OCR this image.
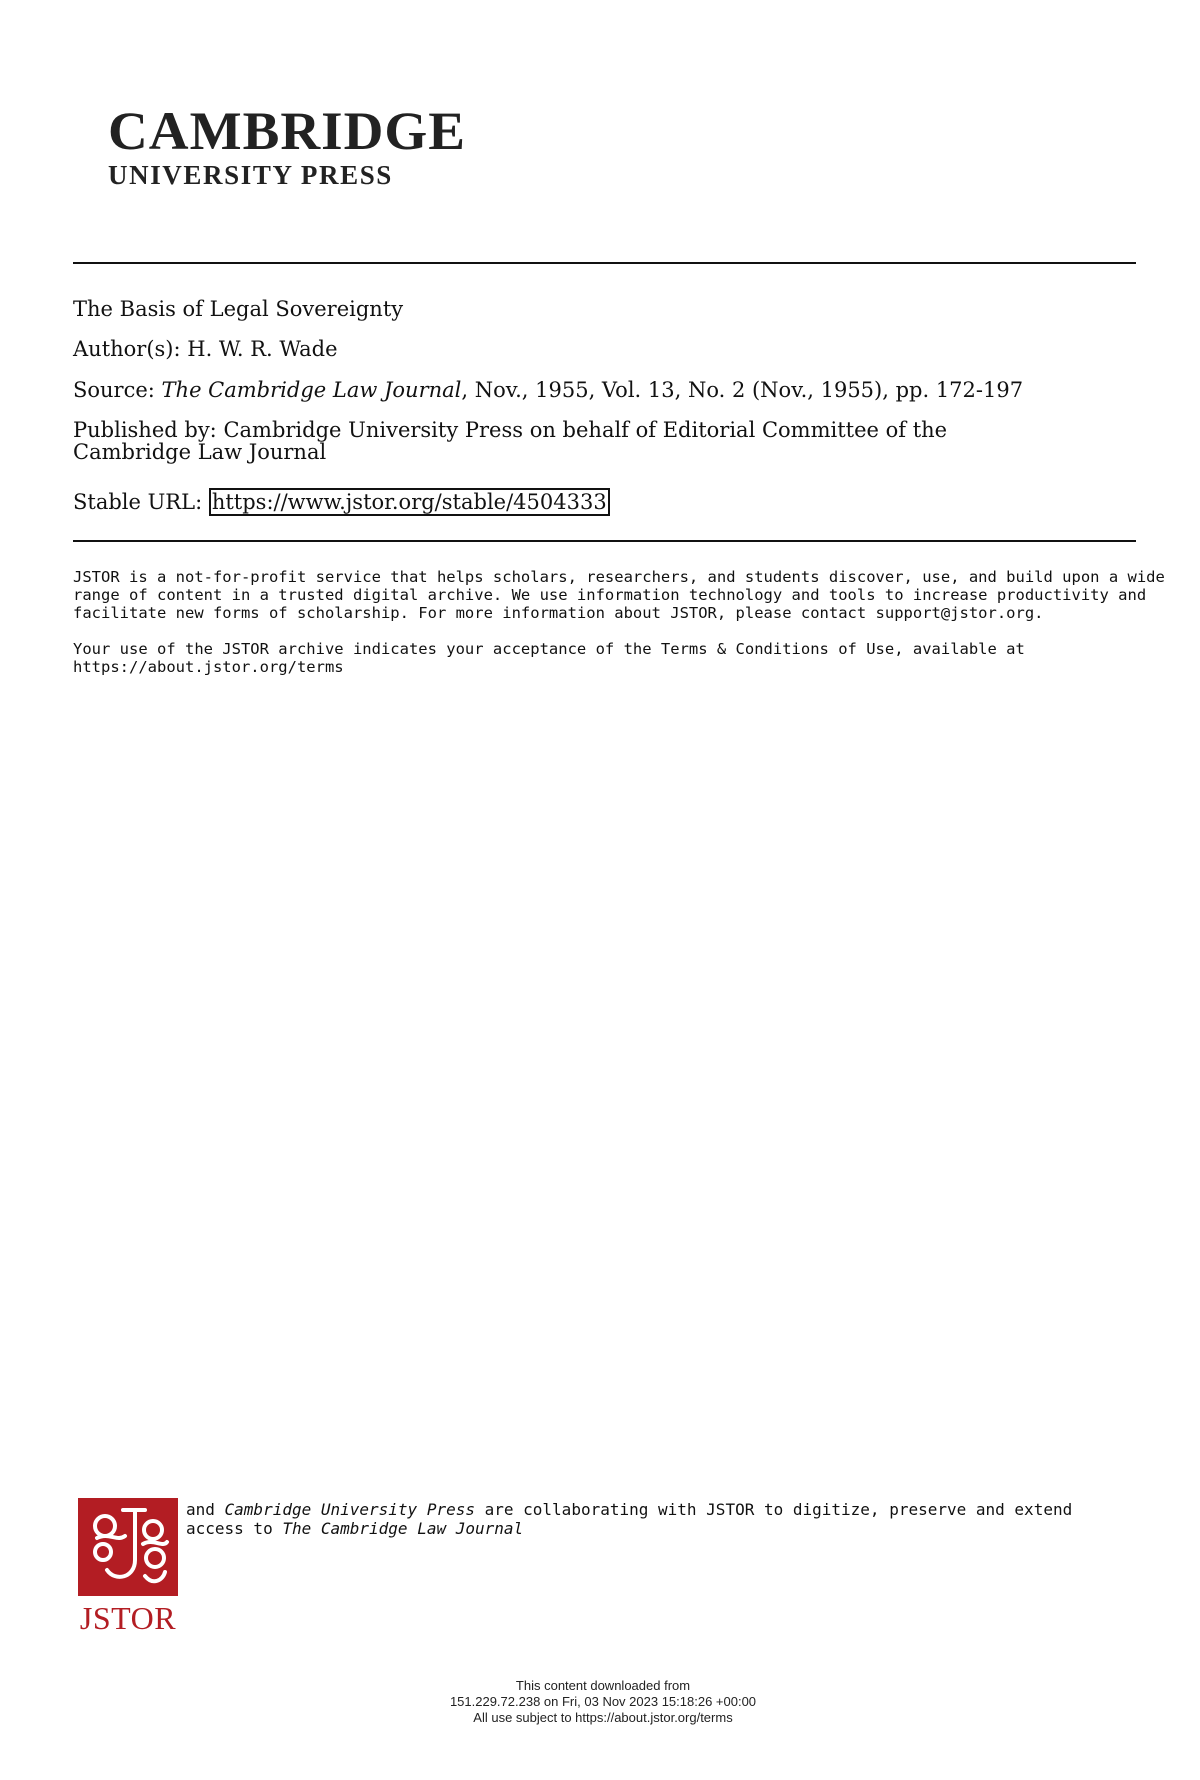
CAMBRIDGE
UNIVERSITY PRESS
The Basis of Legal Sovereignty
Author(s): H. W. R. Wade
Source: The Cambridge Law Journal, Nov., 1955, Vol. 13, No. 2 (Nov., 1955), pp. 172-197
Published by: Cambridge University Press on behalf of Editorial Committee of the
Cambridge Law Journal
Stable URL: https://www.jstor.org/stable/4504333
JSTOR is a not-for-profit service that helps scholars, researchers, and students discover, use, and build upon a wide
range of content in a trusted digital archive. We use information technology and tools to increase productivity and
facilitate new forms of scholarship. For more information about JSTOR, please contact support@jstor.org.
Your use of the JSTOR archive indicates your acceptance of the Terms & Conditions of Use, available at
https://about.jstor.org/terms
JSTOR
and Cambridge University Press are collaborating with JSTOR to digitize, preserve and extend
access to The Cambridge Law Journal
This content downloaded from
151.229.72.238 on Fri, 03 Nov 2023 15:18:26 +00:00
All use subject to https://about.jstor.org/terms
